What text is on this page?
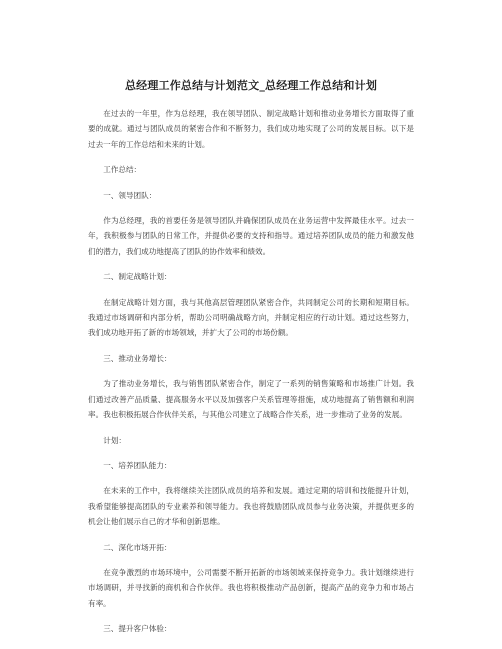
总经理工作总结与计划范文_总经理工作总结和计划

在过去的一年里，作为总经理，我在领导团队、制定战略计划和推动业务增长方面取得了重要的成就。通过与团队成员的紧密合作和不断努力，我们成功地实现了公司的发展目标。以下是过去一年的工作总结和未来的计划。

工作总结：

一、领导团队：

作为总经理，我的首要任务是领导团队并确保团队成员在业务运营中发挥最佳水平。过去一年，我积极参与团队的日常工作，并提供必要的支持和指导。通过培养团队成员的能力和激发他们的潜力，我们成功地提高了团队的协作效率和绩效。

二、制定战略计划：

在制定战略计划方面，我与其他高层管理团队紧密合作，共同制定公司的长期和短期目标。我通过市场调研和内部分析，帮助公司明确战略方向，并制定相应的行动计划。通过这些努力，我们成功地开拓了新的市场领域，并扩大了公司的市场份额。

三、推动业务增长：

为了推动业务增长，我与销售团队紧密合作，制定了一系列的销售策略和市场推广计划。我们通过改善产品质量、提高服务水平以及加强客户关系管理等措施，成功地提高了销售额和利润率。我也积极拓展合作伙伴关系，与其他公司建立了战略合作关系，进一步推动了业务的发展。

计划：

一、培养团队能力：

在未来的工作中，我将继续关注团队成员的培养和发展。通过定期的培训和技能提升计划，我希望能够提高团队的专业素养和领导能力。我也将鼓励团队成员参与业务决策，并提供更多的机会让他们展示自己的才华和创新思维。

二、深化市场开拓：

在竞争激烈的市场环境中，公司需要不断开拓新的市场领域来保持竞争力。我计划继续进行市场调研，并寻找新的商机和合作伙伴。我也将积极推动产品创新，提高产品的竞争力和市场占有率。

三、提升客户体验：
